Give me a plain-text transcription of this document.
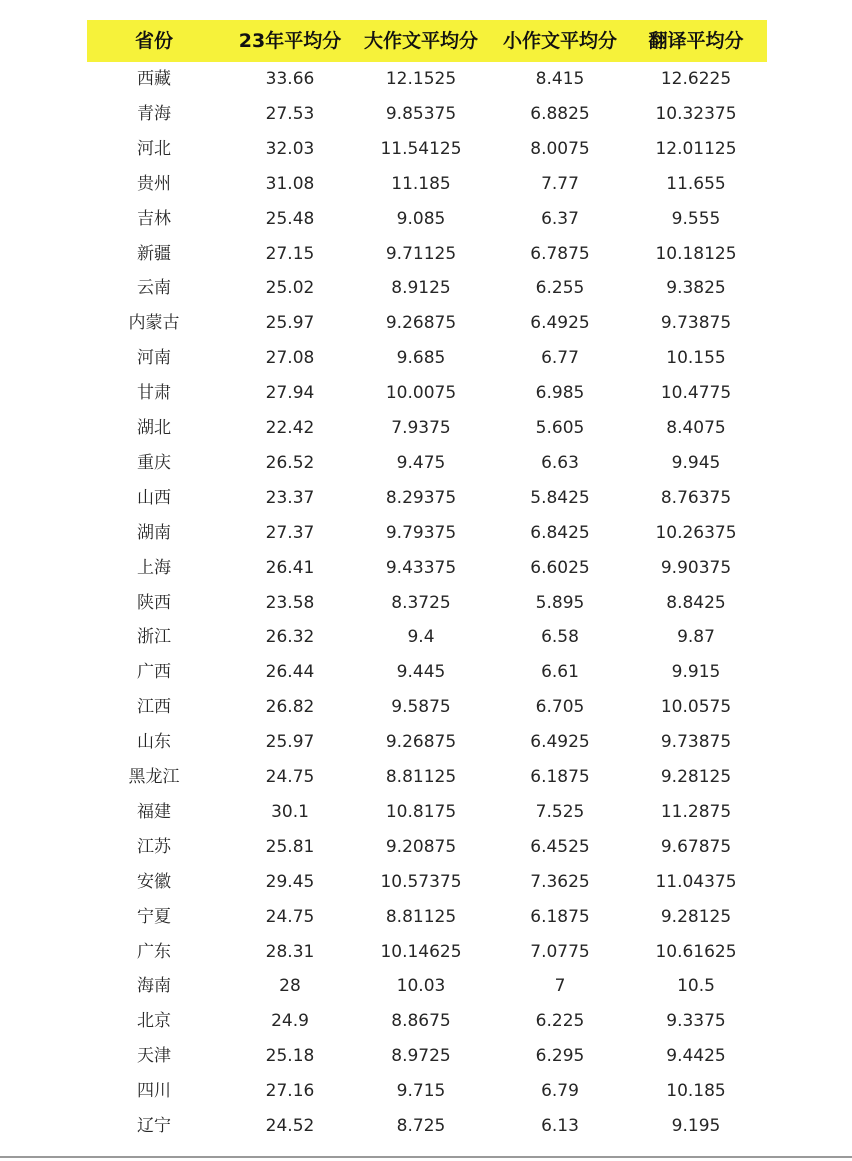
省份	23年平均分 大作文平均分 小作文平均分 翻译平均分
西藏	33.66	12.1525	8.415	12.6225
青海	27.53	9.85375	6.8825	10.32375
河北	32.03	11.54125	8.0075	12.01125
贵州	31.08	11.185	7.77	11.655
吉林	25.48	9.085	6.37	9.555
新疆	27.15	9.71125	6.7875	10.18125
云南	25.02	8.9125	6.255	9.3825
内蒙古	25.97	9.26875	6.4925	9.73875
河南	27.08	9.685	6.77	10.155
甘肃	27.94	10.0075	6.985	10.4775
湖北	22.42	7.9375	5.605	8.4075
重庆	26.52	9.475	6.63	9.945
山西	23.37	8.29375	5.8425	8.76375
湖南	27.37	9.79375	6.8425	10.26375
上海	26.41	9.43375	6.6025	9.90375
陕西	23.58	8.3725	5.895	8.8425
浙江	26.32	9.4	6.58	9.87
广西	26.44	9.445	6.61	9.915
江西	26.82	9.5875	6.705	10.0575
山东	25.97	9.26875	6.4925	9.73875
黑龙江	24.75	8.81125	6.1875	9.28125
福建	30.1	10.8175	7.525	11.2875
江苏	25.81	9.20875	6.4525	9.67875
安徽	29.45	10.57375	7.3625	11.04375
宁夏	24.75	8.81125	6.1875	9.28125
广东	28.31	10.14625	7.0775	10.61625
海南	28	10.03	7	10.5
北京	24.9	8.8675	6.225	9.3375
天津	25.18	8.9725	6.295	9.4425
四川	27.16	9.715	6.79	10.185
辽宁	24.52	8.725	6.13	9.195
